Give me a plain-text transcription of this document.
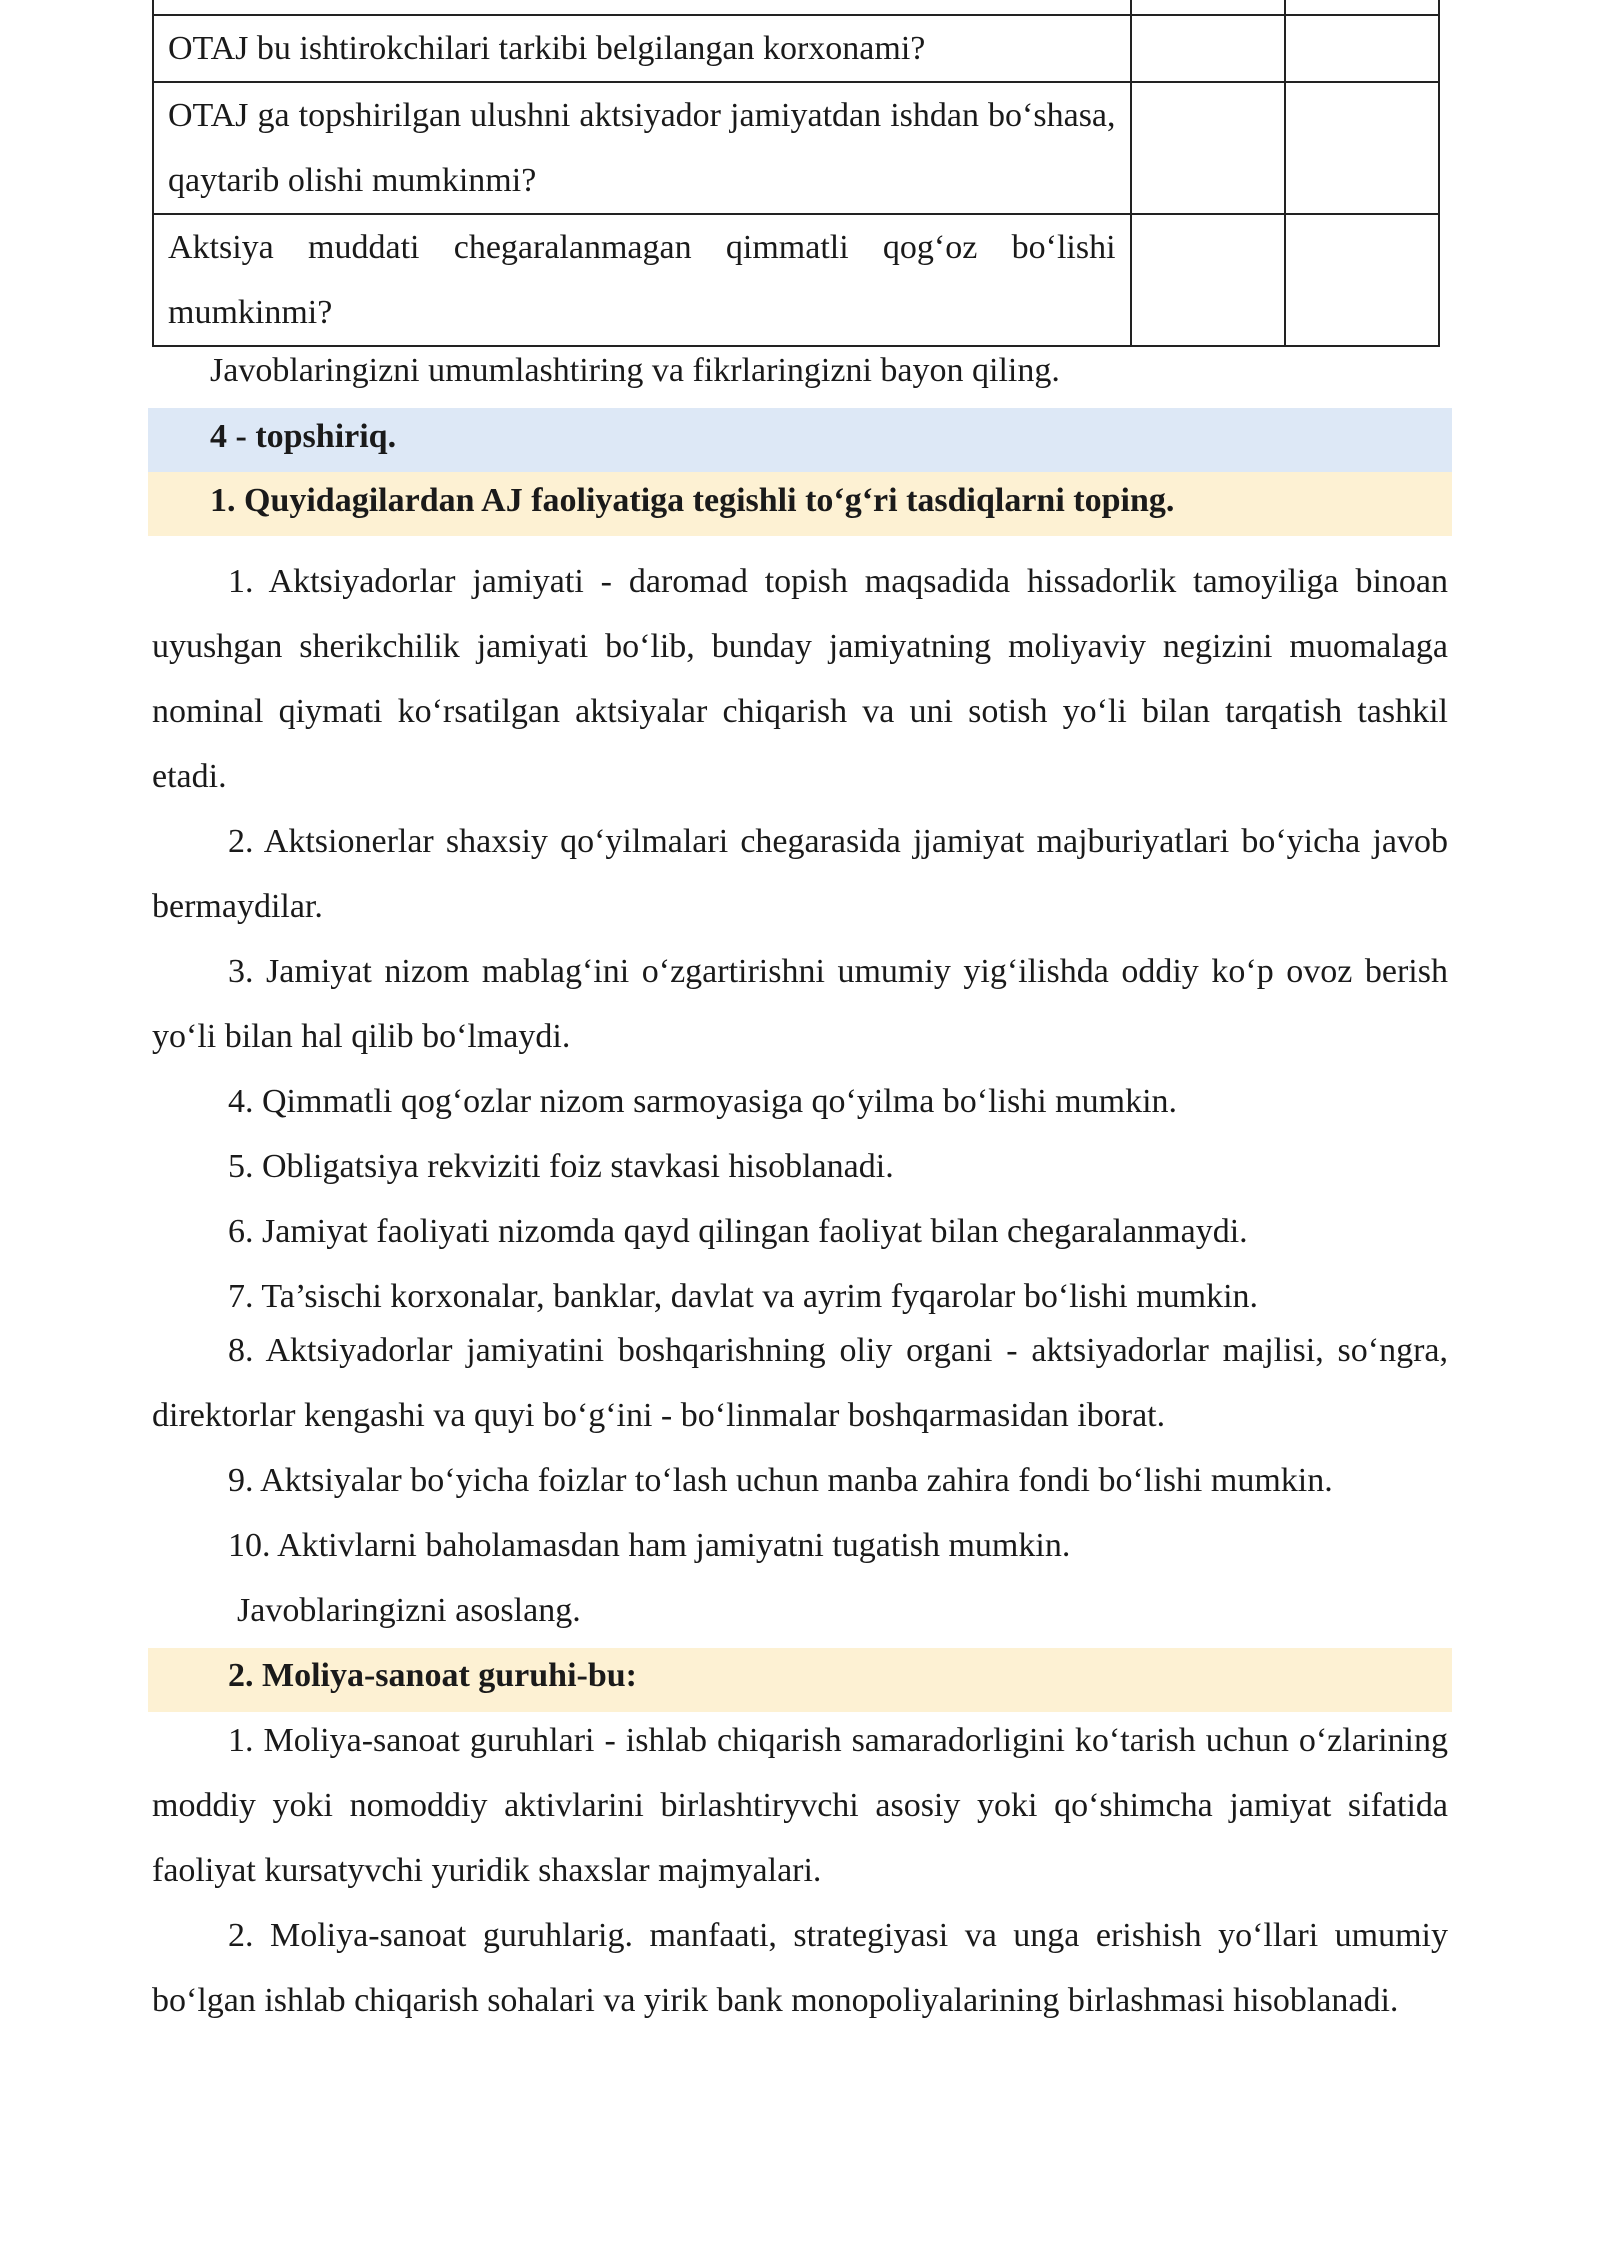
OTAJ bu ishtirokchilari tarkibi belgilangan korxonami?		

OTAJ ga topshirilgan ulushni aktsiyador jamiyatdan ishdan bo‘shasa, qaytarib olishi mumkinmi?		

Aktsiya muddati chegaralanmagan qimmatli qog‘oz bo‘lishi mumkinmi?		

Javoblaringizni umumlashtiring va fikrlaringizni bayon qiling.
4 - topshiriq.
1. Quyidagilardan AJ faoliyatiga tegishli to‘g‘ri tasdiqlarni toping.

1. Aktsiyadorlar jamiyati - daromad topish maqsadida hissadorlik tamoyiliga binoan uyushgan sherikchilik jamiyati bo‘lib, bunday jamiyatning moliyaviy negizini muomalaga nominal qiymati ko‘rsatilgan aktsiyalar chiqarish va uni sotish yo‘li bilan tarqatish tashkil etadi.

2. Aktsionerlar shaxsiy qo‘yilmalari chegarasida jjamiyat majburiyatlari bo‘yicha javob bermaydilar.

3. Jamiyat nizom mablag‘ini o‘zgartirishni umumiy yig‘ilishda oddiy ko‘p ovoz berish yo‘li bilan hal qilib bo‘lmaydi.

4. Qimmatli qog‘ozlar nizom sarmoyasiga qo‘yilma bo‘lishi mumkin.
5. Obligatsiya rekviziti foiz stavkasi hisoblanadi.
6. Jamiyat faoliyati nizomda qayd qilingan faoliyat bilan chegaralanmaydi.
7. Ta’sischi korxonalar, banklar, davlat va ayrim fyqarolar bo‘lishi mumkin.

8. Aktsiyadorlar jamiyatini boshqarishning oliy organi - aktsiyadorlar majlisi, so‘ngra, direktorlar kengashi va quyi bo‘g‘ini - bo‘linmalar boshqarmasidan iborat.

9. Aktsiyalar bo‘yicha foizlar to‘lash uchun manba zahira fondi bo‘lishi mumkin.
10. Aktivlarni baholamasdan ham jamiyatni tugatish mumkin.
Javoblaringizni asoslang.
2. Moliya-sanoat guruhi-bu:

1. Moliya-sanoat guruhlari - ishlab chiqarish samaradorligini ko‘tarish uchun o‘zlarining moddiy yoki nomoddiy aktivlarini birlashtiryvchi asosiy yoki qo‘shimcha jamiyat sifatida faoliyat kursatyvchi yuridik shaxslar majmyalari.

2. Moliya-sanoat guruhlarig. manfaati, strategiyasi va unga erishish yo‘llari umumiy bo‘lgan ishlab chiqarish sohalari va yirik bank monopoliyalarining birlashmasi hisoblanadi.
